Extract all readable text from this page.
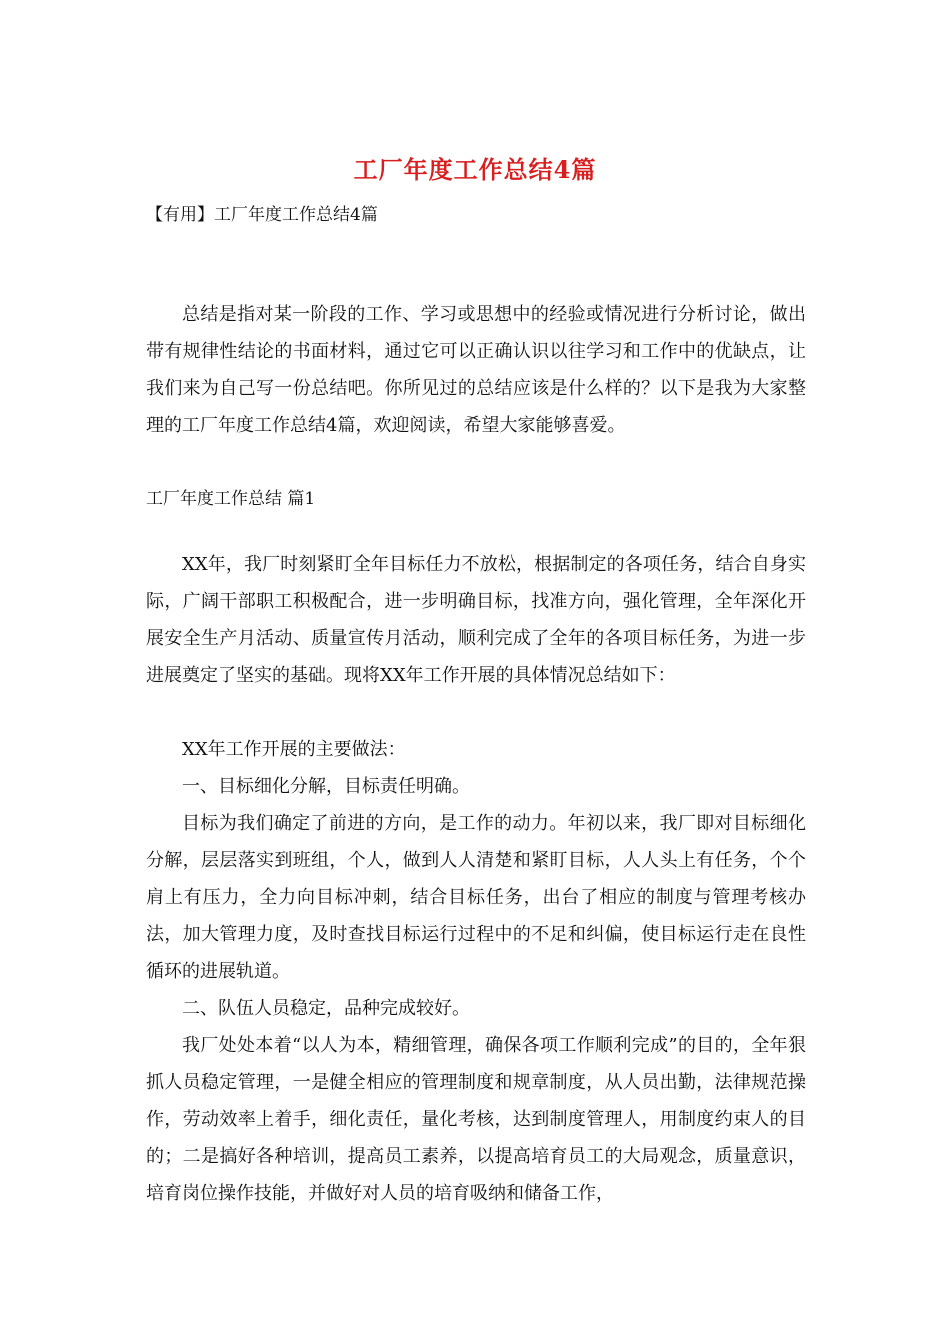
工厂年度工作总结4篇
【有用】工厂年度工作总结4篇

总结是指对某一阶段的工作、学习或思想中的经验或情况进行分析讨论，做出带有规律性结论的书面材料，通过它可以正确认识以往学习和工作中的优缺点，让我们来为自己写一份总结吧。你所见过的总结应该是什么样的？以下是我为大家整理的工厂年度工作总结4篇，欢迎阅读，希望大家能够喜爱。

工厂年度工作总结 篇1

XX年，我厂时刻紧盯全年目标任力不放松，根据制定的各项任务，结合自身实际，广阔干部职工积极配合，进一步明确目标，找准方向，强化管理，全年深化开展安全生产月活动、质量宣传月活动，顺利完成了全年的各项目标任务，为进一步进展奠定了坚实的基础。现将XX年工作开展的具体情况总结如下：

XX年工作开展的主要做法：

一、目标细化分解，目标责任明确。

目标为我们确定了前进的方向，是工作的动力。年初以来，我厂即对目标细化分解，层层落实到班组，个人，做到人人清楚和紧盯目标，人人头上有任务，个个肩上有压力，全力向目标冲刺，结合目标任务，出台了相应的制度与管理考核办法，加大管理力度，及时查找目标运行过程中的不足和纠偏，使目标运行走在良性循环的进展轨道。

二、队伍人员稳定，品种完成较好。

我厂处处本着“以人为本，精细管理，确保各项工作顺利完成”的目的，全年狠抓人员稳定管理，一是健全相应的管理制度和规章制度，从人员出勤，法律规范操作，劳动效率上着手，细化责任，量化考核，达到制度管理人，用制度约束人的目的；二是搞好各种培训，提高员工素养，以提高培育员工的大局观念，质量意识，培育岗位操作技能，并做好对人员的培育吸纳和储备工作，
